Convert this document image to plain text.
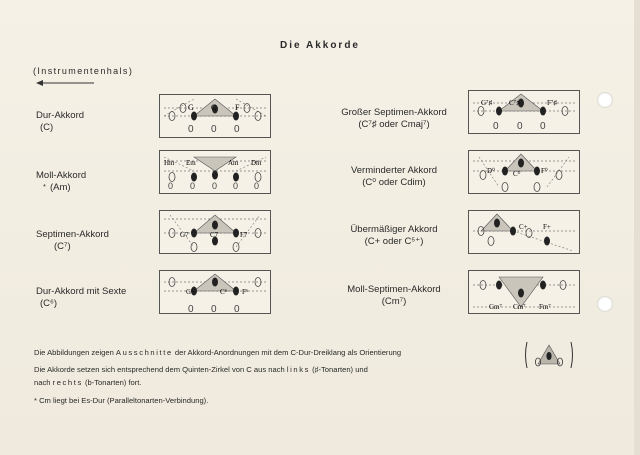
Die Akkorde
(Instrumentenhals)
Dur-Akkord
(C)
Moll-Akkord
(Am)
*
Septimen-Akkord
(C⁷)
Dur-Akkord mit Sexte
(C⁶)
Großer Septimen-Akkord
(C⁷♯ oder Cmaj⁷)
Verminderter Akkord
(C⁰ oder Cdim)
Übermäßiger Akkord
(C+ oder C⁵⁺)
Moll-Septimen-Akkord
(Cm⁷)
G C F
0 0 0
Hm Em	Am Dm
0 0 0 0 0
G7	C7	F7
G⁶	C⁶ F⁶
0 0 0
G⁷♯ C⁷♯	F⁷♯
0 0 0
D⁰	C⁰	F⁰
C+ F+
Gm⁷ Cm⁷ Fm⁷
Die Abbildungen zeigen Ausschnitte der Akkord-Anordnungen mit dem C-Dur-Dreiklang als Orientierung
Die Akkorde setzen sich entsprechend dem Quinten-Zirkel von C aus nach links (♯-Tonarten) und
nach rechts (b-Tonarten) fort.
* Cm liegt bei Es-Dur (Paralleltonarten-Verbindung).
